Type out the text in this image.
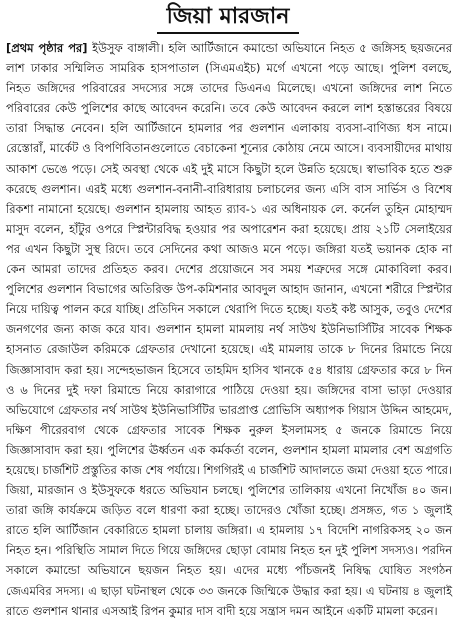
জিয়া মারজান

[প্রথম পৃষ্ঠার পর] ইউসুফ বাঙ্গালী। হলি আর্টিজানে কমান্ডো অভিযানে নিহত ৫ জঙ্গিসহ ছয়জনের লাশ ঢাকার সম্মিলিত সামরিক হাসপাতাল (সিএমএইচ) মর্গে এখনো পড়ে আছে। পুলিশ বলছে, নিহত জঙ্গিদের পরিবারের সদস্যের সঙ্গে তাদের ডিএনএ মিলেছে। এখনো জঙ্গিদের লাশ নিতে পরিবারের কেউ পুলিশের কাছে আবেদন করেনি। তবে কেউ আবেদন করলে লাশ হস্তান্তরের বিষয়ে তারা সিদ্ধান্ত নেবেন। হলি আর্টিজানে হামলার পর গুলশান এলাকায় ব্যবসা-বাণিজ্য ধস নামে। রেস্তোরাঁ, মার্কেট ও বিপণিবিতানগুলোতে বেচাকেনা শূন্যের কোঠায় নেমে আসে। ব্যবসায়ীদের মাথায় আকাশ ভেঙে পড়ে। সেই অবস্থা থেকে এই দুই মাসে কিছুটা হলে উন্নতি হয়েছে। স্বাভাবিক হতে শুরু করেছে গুলশান। এরই মধ্যে গুলশান-বনানী-বারিধারায় চলাচলের জন্য এসি বাস সার্ভিস ও বিশেষ রিকশা নামানো হয়েছে। গুলশান হামলায় আহত র‌্যাব-১ এর অধিনায়ক লে. কর্নেল তুহিন মোহাম্মদ মাসুদ বলেন, হাঁটুর ওপরে স্প্লিন্টারবিদ্ধ হওয়ার পর অপারেশন করা হয়েছে। প্রায় ২১টি সেলাইয়ের পর এখন কিছুটা সুস্থ রিদে। তবে সেদিনের কথা আজও মনে পড়ে। জঙ্গিরা যতই ভয়ানক হোক না কেন আমরা তাদের প্রতিহত করব। দেশের প্রয়োজনে সব সময় শত্রুদের সঙ্গে মোকাবিলা করব। পুলিশের গুলশান বিভাগের অতিরিক্ত উপ-কমিশনার আবদুল আহাদ জানান, এখনো শরীরে স্প্লিন্টার নিয়ে দায়িত্ব পালন করে যাচ্ছি। প্রতিদিন সকালে থেরাপি দিতে হচ্ছে। যতই কষ্ট আসুক, তবুও দেশের জনগণের জন্য কাজ করে যাব। গুলশান হামলা মামলায় নর্থ সাউথ ইউনিভার্সিটির সাবেক শিক্ষক হাসনাত রেজাউল করিমকে গ্রেফতার দেখানো হয়েছে। এই মামলায় তাকে ৮ দিনের রিমান্ডে নিয়ে জিজ্ঞাসাবাদ করা হয়। সন্দেহভাজন হিসেবে তাহমিদ হাসিব খানকে ৫৪ ধারায় গ্রেফতার করে ৮ দিন ও ৬ দিনের দুই দফা রিমান্ডে নিয়ে কারাগারে পাঠিয়ে দেওয়া হয়। জঙ্গিদের বাসা ভাড়া দেওয়ার অভিযোগে গ্রেফতার নর্থ সাউথ ইউনিভার্সিটির ভারপ্রাপ্ত প্রোভিসি অধ্যাপক গিয়াস উদ্দিন আহমেদ, দক্ষিণ পীরেরবাগ থেকে গ্রেফতার সাবেক শিক্ষক নুরুল ইসলামসহ ৫ জনকে রিমান্ডে নিয়ে জিজ্ঞাসাবাদ করা হয়। পুলিশের ঊর্ধ্বতন এক কর্মকর্তা বলেন, গুলশান হামলা মামলার বেশ অগ্রগতি হয়েছে। চার্জশিট প্রস্তুতির কাজ শেষ পর্যায়ে। শিগগিরই এ চার্জশিট আদালতে জমা দেওয়া হতে পারে। জিয়া, মারজান ও ইউসুফকে ধরতে অভিযান চলছে। পুলিশের তালিকায় এখনো নিখোঁজ ৪০ জন। তারা জঙ্গি কার্যক্রমে জড়িত বলে ধারণা করা হচ্ছে। তাদেরও খোঁজা হচ্ছে। প্রসঙ্গত, গত ১ জুলাই রাতে হলি আর্টিজান বেকারিতে হামলা চালায় জঙ্গিরা। এ হামলায় ১৭ বিদেশি নাগরিকসহ ২০ জন নিহত হন। পরিস্থিতি সামাল দিতে গিয়ে জঙ্গিদের ছোড়া বোমায় নিহত হন দুই পুলিশ সদস্যও। পরদিন সকালে কমান্ডো অভিযানে ছয়জন নিহত হয়। এদের মধ্যে পাঁচজনই নিষিদ্ধ ঘোষিত সংগঠন জেএমবির সদস্য। এ ছাড়া ঘটনাস্থল থেকে ৩৩ জনকে জিম্মিকে উদ্ধার করা হয়। এ ঘটনায় ৪ জুলাই রাতে গুলশান থানার এসআই রিপন কুমার দাস বাদী হয়ে সন্ত্রাস দমন আইনে একটি মামলা করেন।
